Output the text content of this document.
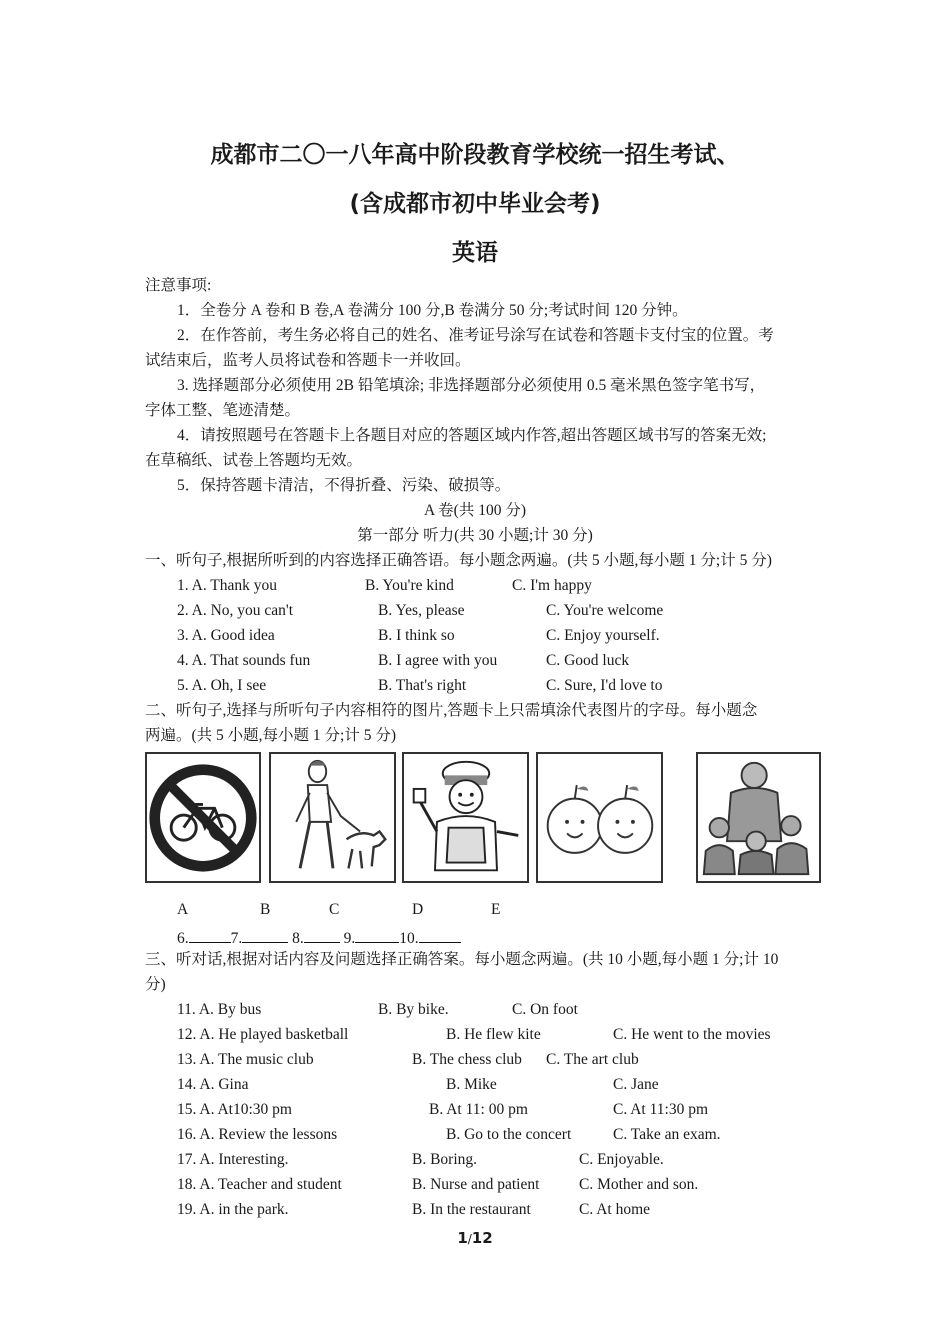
成都市二〇一八年高中阶段教育学校统一招生考试、
(含成都市初中毕业会考)
英语
注意事项:
1．全卷分 A 卷和 B 卷,A 卷满分 100 分,B 卷满分 50 分;考试时间 120 分钟。
2．在作答前，考生务必将自己的姓名、准考证号涂写在试卷和答题卡支付宝的位置。考
试结束后，监考人员将试卷和答题卡一并收回。
3. 选择题部分必须使用 2B 铅笔填涂; 非选择题部分必须使用 0.5 毫米黑色签字笔书写，
字体工整、笔迹清楚。
4．请按照题号在答题卡上各题目对应的答题区域内作答,超出答题区域书写的答案无效;
在草稿纸、试卷上答题均无效。
5．保持答题卡清洁，不得折叠、污染、破损等。
A 卷(共 100 分)
第一部分 听力(共 30 小题;计 30 分)
一、听句子,根据所听到的内容选择正确答语。每小题念两遍。(共 5 小题,每小题 1 分;计 5 分)
1. A. Thank you	B. You're kind	C. I'm happy
2. A. No, you can't	B. Yes, please	C. You're welcome
3. A. Good idea	B. I think so	C. Enjoy yourself.
4. A. That sounds fun	B. I agree with you	C. Good luck
5. A. Oh, I see	B. That's right	C. Sure, I'd love to
二、听句子,选择与所听句子内容相符的图片,答题卡上只需填涂代表图片的字母。每小题念
两遍。(共 5 小题,每小题 1 分;计 5 分)
A	B	C	D	E
6.	7.	8.	9.	10.
三、听对话,根据对话内容及问题选择正确答案。每小题念两遍。(共 10 小题,每小题 1 分;计 10
分)
11. A. By bus	B. By bike.	C. On foot
12. A. He played basketball	B. He flew kite	C. He went to the movies
13. A. The music club	B. The chess club C. The art club
14. A. Gina	B. Mike	C. Jane
15. A. At10:30 pm	B. At 11: 00 pm	C. At 11:30 pm
16. A. Review the lessons	B. Go to the concert	C. Take an exam.
17. A. Interesting.	B. Boring.	C. Enjoyable.
18. A. Teacher and student	B. Nurse and patient	C. Mother and son.
19. A. in the park.	B. In the restaurant	C. At home
1/12
